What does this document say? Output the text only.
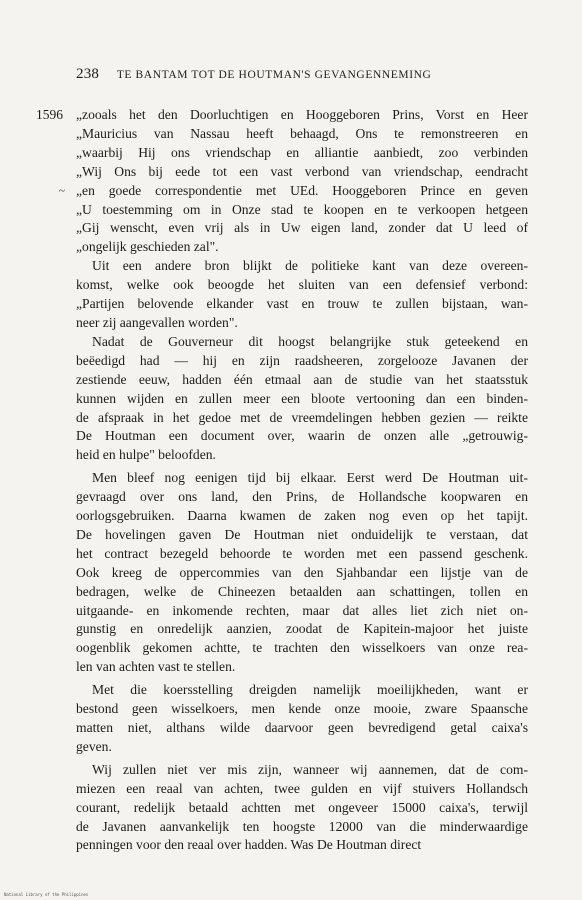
238 TE BANTAM TOT DE HOUTMAN'S GEVANGENNEMING
1596
~

„zooals het den Doorluchtigen en Hooggeboren Prins, Vorst en Heer
„Mauricius van Nassau heeft behaagd, Ons te remonstreeren en
„waarbij Hij ons vriendschap en alliantie aanbiedt, zoo verbinden
„Wij Ons bij eede tot een vast verbond van vriendschap, eendracht
„en goede correspondentie met UEd. Hooggeboren Prince en geven
„U toestemming om in Onze stad te koopen en te verkoopen hetgeen
„Gij wenscht, even vrij als in Uw eigen land, zonder dat U leed of
„ongelijk geschieden zal".

Uit een andere bron blijkt de politieke kant van deze overeen-
komst, welke ook beoogde het sluiten van een defensief verbond:
„Partijen belovende elkander vast en trouw te zullen bijstaan, wan-
neer zij aangevallen worden".

Nadat de Gouverneur dit hoogst belangrijke stuk geteekend en
beëedigd had — hij en zijn raadsheeren, zorgelooze Javanen der
zestiende eeuw, hadden één etmaal aan de studie van het staatsstuk
kunnen wijden en zullen meer een bloote vertooning dan een binden-
de afspraak in het gedoe met de vreemdelingen hebben gezien — reikte
De Houtman een document over, waarin de onzen alle „getrouwig-
heid en hulpe" beloofden.

Men bleef nog eenigen tijd bij elkaar. Eerst werd De Houtman uit-
gevraagd over ons land, den Prins, de Hollandsche koopwaren en
oorlogsgebruiken. Daarna kwamen de zaken nog even op het tapijt.
De hovelingen gaven De Houtman niet onduidelijk te verstaan, dat
het contract bezegeld behoorde te worden met een passend geschenk.
Ook kreeg de oppercommies van den Sjahbandar een lijstje van de
bedragen, welke de Chineezen betaalden aan schattingen, tollen en
uitgaande- en inkomende rechten, maar dat alles liet zich niet on-
gunstig en onredelijk aanzien, zoodat de Kapitein-majoor het juiste
oogenblik gekomen achtte, te trachten den wisselkoers van onze rea-
len van achten vast te stellen.

Met die koersstelling dreigden namelijk moeilijkheden, want er
bestond geen wisselkoers, men kende onze mooie, zware Spaansche
matten niet, althans wilde daarvoor geen bevredigend getal caixa's
geven.

Wij zullen niet ver mis zijn, wanneer wij aannemen, dat de com-
miezen een reaal van achten, twee gulden en vijf stuivers Hollandsch
courant, redelijk betaald achtten met ongeveer 15000 caixa's, terwijl
de Javanen aanvankelijk ten hoogste 12000 van die minderwaardige
penningen voor den reaal over hadden. Was De Houtman direct

National Library of the Philippines
